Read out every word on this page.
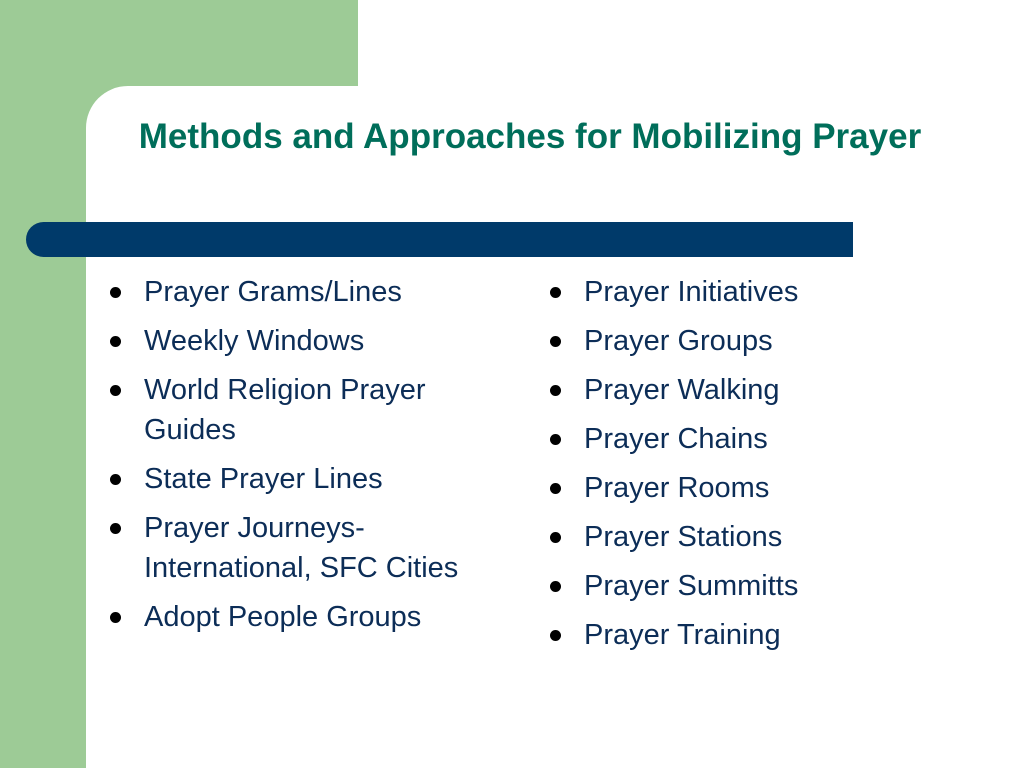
Methods and Approaches for Mobilizing Prayer
Prayer Grams/Lines
Weekly Windows
World Religion Prayer Guides
State Prayer Lines
Prayer Journeys-International, SFC Cities
Adopt People Groups
Prayer Initiatives
Prayer Groups
Prayer Walking
Prayer Chains
Prayer Rooms
Prayer Stations
Prayer Summitts
Prayer Training
